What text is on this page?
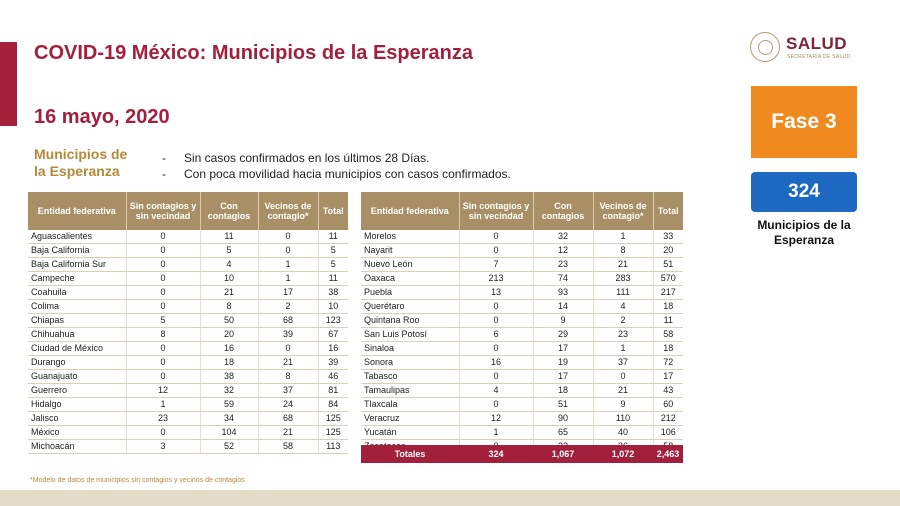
COVID-19 México: Municipios de la Esperanza
16 mayo, 2020
SALUD
SECRETARÍA DE SALUD
Fase 3
324
Municipios de la
Esperanza
Municipios de
la Esperanza
-	Sin casos confirmados en los últimos 28 Días.
-	Con poca movilidad hacia municipios con casos confirmados.
Entidad federativa	Sin contagios y sin vecindad	Con contagios	Vecinos de contagio*	Total
Aguascalientes	0	11	0	11
Baja California	0	5	0	5
Baja California Sur	0	4	1	5
Campeche	0	10	1	11
Coahuila	0	21	17	38
Colima	0	8	2	10
Chiapas	5	50	68	123
Chihuahua	8	20	39	67
Ciudad de México	0	16	0	16
Durango	0	18	21	39
Guanajuato	0	38	8	46
Guerrero	12	32	37	81
Hidalgo	1	59	24	84
Jalisco	23	34	68	125
México	0	104	21	125
Michoacán	3	52	58	113
Entidad federativa	Sin contagios y sin vecindad	Con contagios	Vecinos de contagio*	Total
Morelos	0	32	1	33
Nayarit	0	12	8	20
Nuevo León	7	23	21	51
Oaxaca	213	74	283	570
Puebla	13	93	111	217
Querétaro	0	14	4	18
Quintana Roo	0	9	2	11
San Luis Potosí	6	29	23	58
Sinaloa	0	17	1	18
Sonora	16	19	37	72
Tabasco	0	17	0	17
Tamaulipas	4	18	21	43
Tlaxcala	0	51	9	60
Veracruz	12	90	110	212
Yucatán	1	65	40	106

Totales	324	1,067	1,072	2,463
*Modelo de datos de municipios sin contagios y vecinos de contagios
